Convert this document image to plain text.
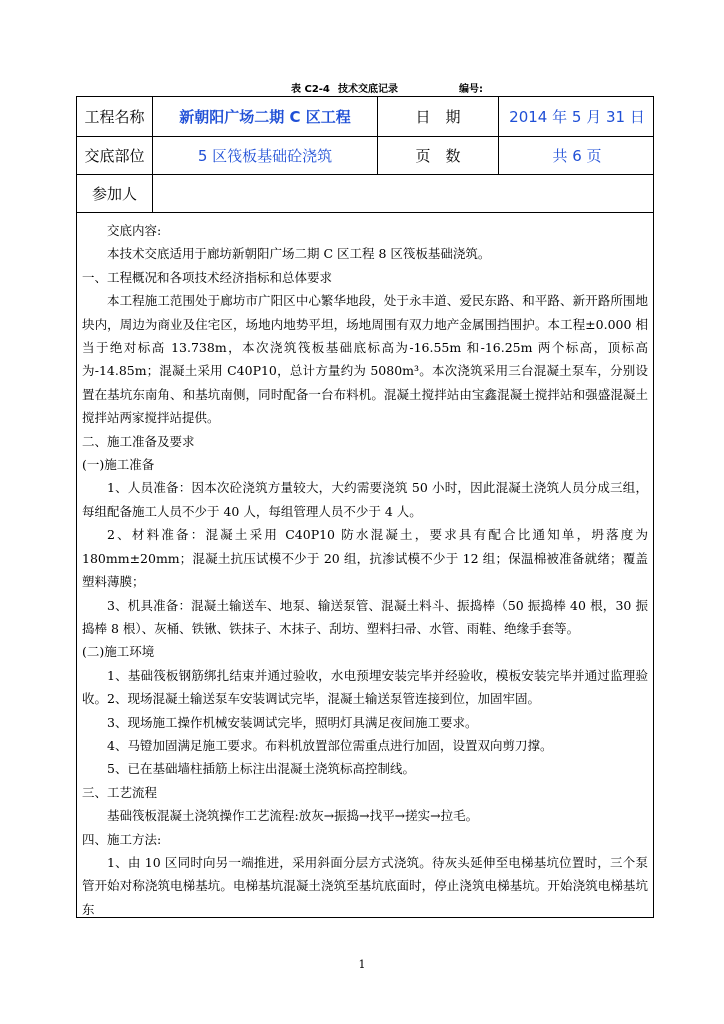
表 C2-4 技术交底记录	编号:
工程名称	新朝阳广场二期 C 区工程	日　期	2014 年 5 月 31 日
交底部位	5 区筏板基础砼浇筑	页　数	共 6 页
参加人

交底内容:

本技术交底适用于廊坊新朝阳广场二期 C 区工程 8 区筏板基础浇筑。

一、工程概况和各项技术经济指标和总体要求

本工程施工范围处于廊坊市广阳区中心繁华地段，处于永丰道、爱民东路、和平路、新开路所围地块内，周边为商业及住宅区，场地内地势平坦，场地周围有双力地产金属围挡围护。本工程±0.000 相当于绝对标高 13.738m，本次浇筑筏板基础底标高为-16.55m 和-16.25m 两个标高，顶标高为-14.85m；混凝土采用 C40P10，总计方量约为 5080m³。本次浇筑采用三台混凝土泵车，分别设置在基坑东南角、和基坑南侧，同时配备一台布料机。混凝土搅拌站由宝鑫混凝土搅拌站和强盛混凝土搅拌站两家搅拌站提供。

二、施工准备及要求

(一)施工准备

1、人员准备：因本次砼浇筑方量较大，大约需要浇筑 50 小时，因此混凝土浇筑人员分成三组，每组配备施工人员不少于 40 人，每组管理人员不少于 4 人。

2、材料准备：混凝土采用 C40P10 防水混凝土，要求具有配合比通知单，坍落度为 180mm±20mm；混凝土抗压试模不少于 20 组，抗渗试模不少于 12 组；保温棉被准备就绪；覆盖塑料薄膜；

3、机具准备：混凝土输送车、地泵、输送泵管、混凝土料斗、振捣棒（50 振捣棒 40 根，30 振捣棒 8 根）、灰桶、铁锹、铁抹子、木抹子、刮坊、塑料扫帚、水管、雨鞋、绝缘手套等。

(二)施工环境

1、基础筏板钢筋绑扎结束并通过验收，水电预埋安装完毕并经验收，模板安装完毕并通过监理验收。2、现场混凝土输送泵车安装调试完毕，混凝土输送泵管连接到位，加固牢固。

3、现场施工操作机械安装调试完毕，照明灯具满足夜间施工要求。

4、马镫加固满足施工要求。布料机放置部位需重点进行加固，设置双向剪刀撑。

5、已在基础墙柱插筋上标注出混凝土浇筑标高控制线。

三、工艺流程

基础筏板混凝土浇筑操作工艺流程:放灰→振捣→找平→搓实→拉毛。

四、施工方法:

1、由 10 区同时向另一端推进，采用斜面分层方式浇筑。待灰头延伸至电梯基坑位置时，三个泵管开始对称浇筑电梯基坑。电梯基坑混凝土浇筑至基坑底面时，停止浇筑电梯基坑。开始浇筑电梯基坑东

1
